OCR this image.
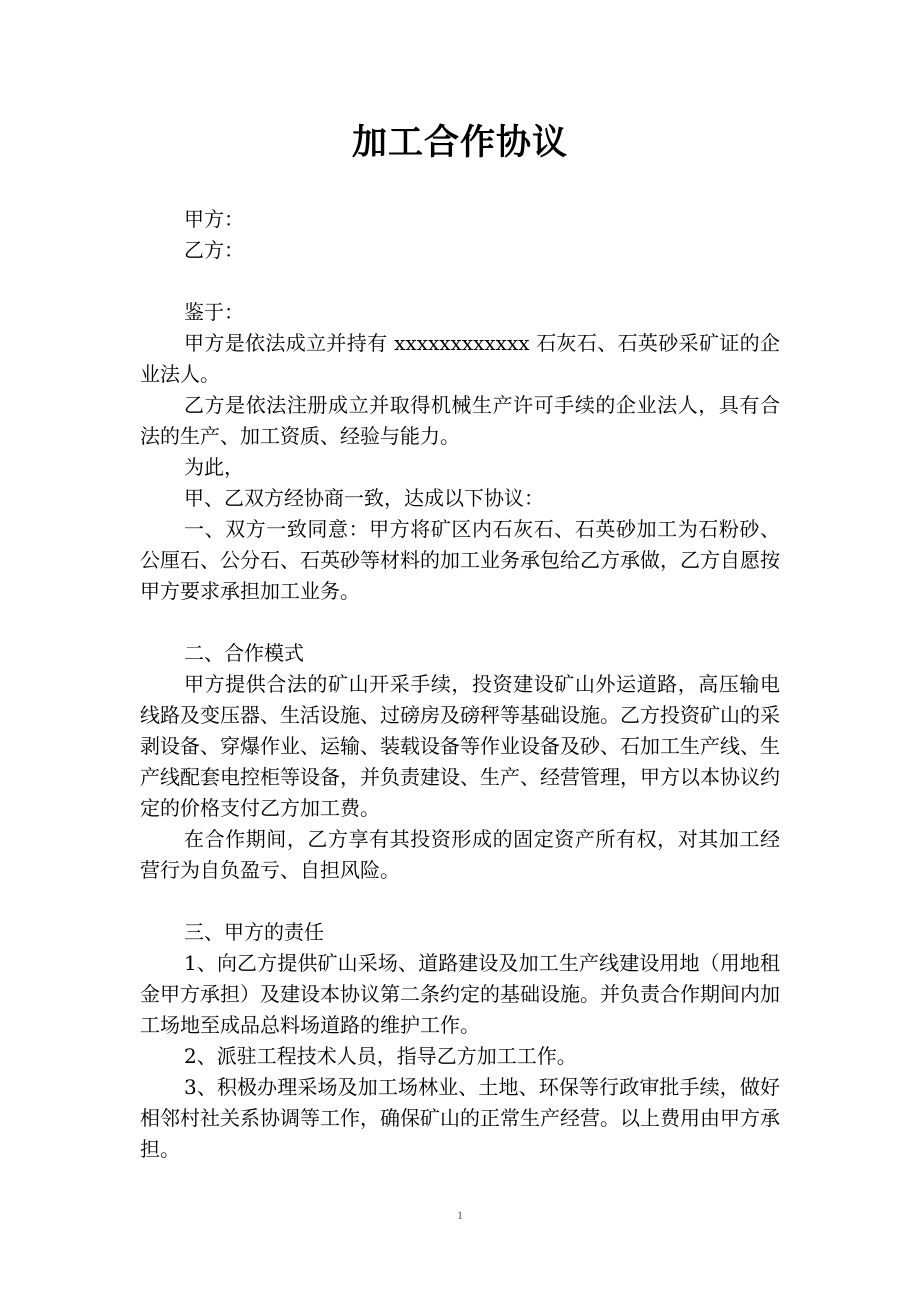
加工合作协议

甲方：

乙方：

鉴于：

甲方是依法成立并持有 xxxxxxxxxxxx 石灰石、石英砂采矿证的企业法人。

乙方是依法注册成立并取得机械生产许可手续的企业法人，具有合法的生产、加工资质、经验与能力。

为此，

甲、乙双方经协商一致，达成以下协议：

一、双方一致同意：甲方将矿区内石灰石、石英砂加工为石粉砂、公厘石、公分石、石英砂等材料的加工业务承包给乙方承做，乙方自愿按甲方要求承担加工业务。

二、合作模式

甲方提供合法的矿山开采手续，投资建设矿山外运道路，高压输电线路及变压器、生活设施、过磅房及磅秤等基础设施。乙方投资矿山的采剥设备、穿爆作业、运输、装载设备等作业设备及砂、石加工生产线、生产线配套电控柜等设备，并负责建设、生产、经营管理，甲方以本协议约定的价格支付乙方加工费。

在合作期间，乙方享有其投资形成的固定资产所有权，对其加工经营行为自负盈亏、自担风险。

三、甲方的责任

1、向乙方提供矿山采场、道路建设及加工生产线建设用地（用地租金甲方承担）及建设本协议第二条约定的基础设施。并负责合作期间内加工场地至成品总料场道路的维护工作。

2、派驻工程技术人员，指导乙方加工工作。

3、积极办理采场及加工场林业、土地、环保等行政审批手续，做好相邻村社关系协调等工作，确保矿山的正常生产经营。以上费用由甲方承担。

1
